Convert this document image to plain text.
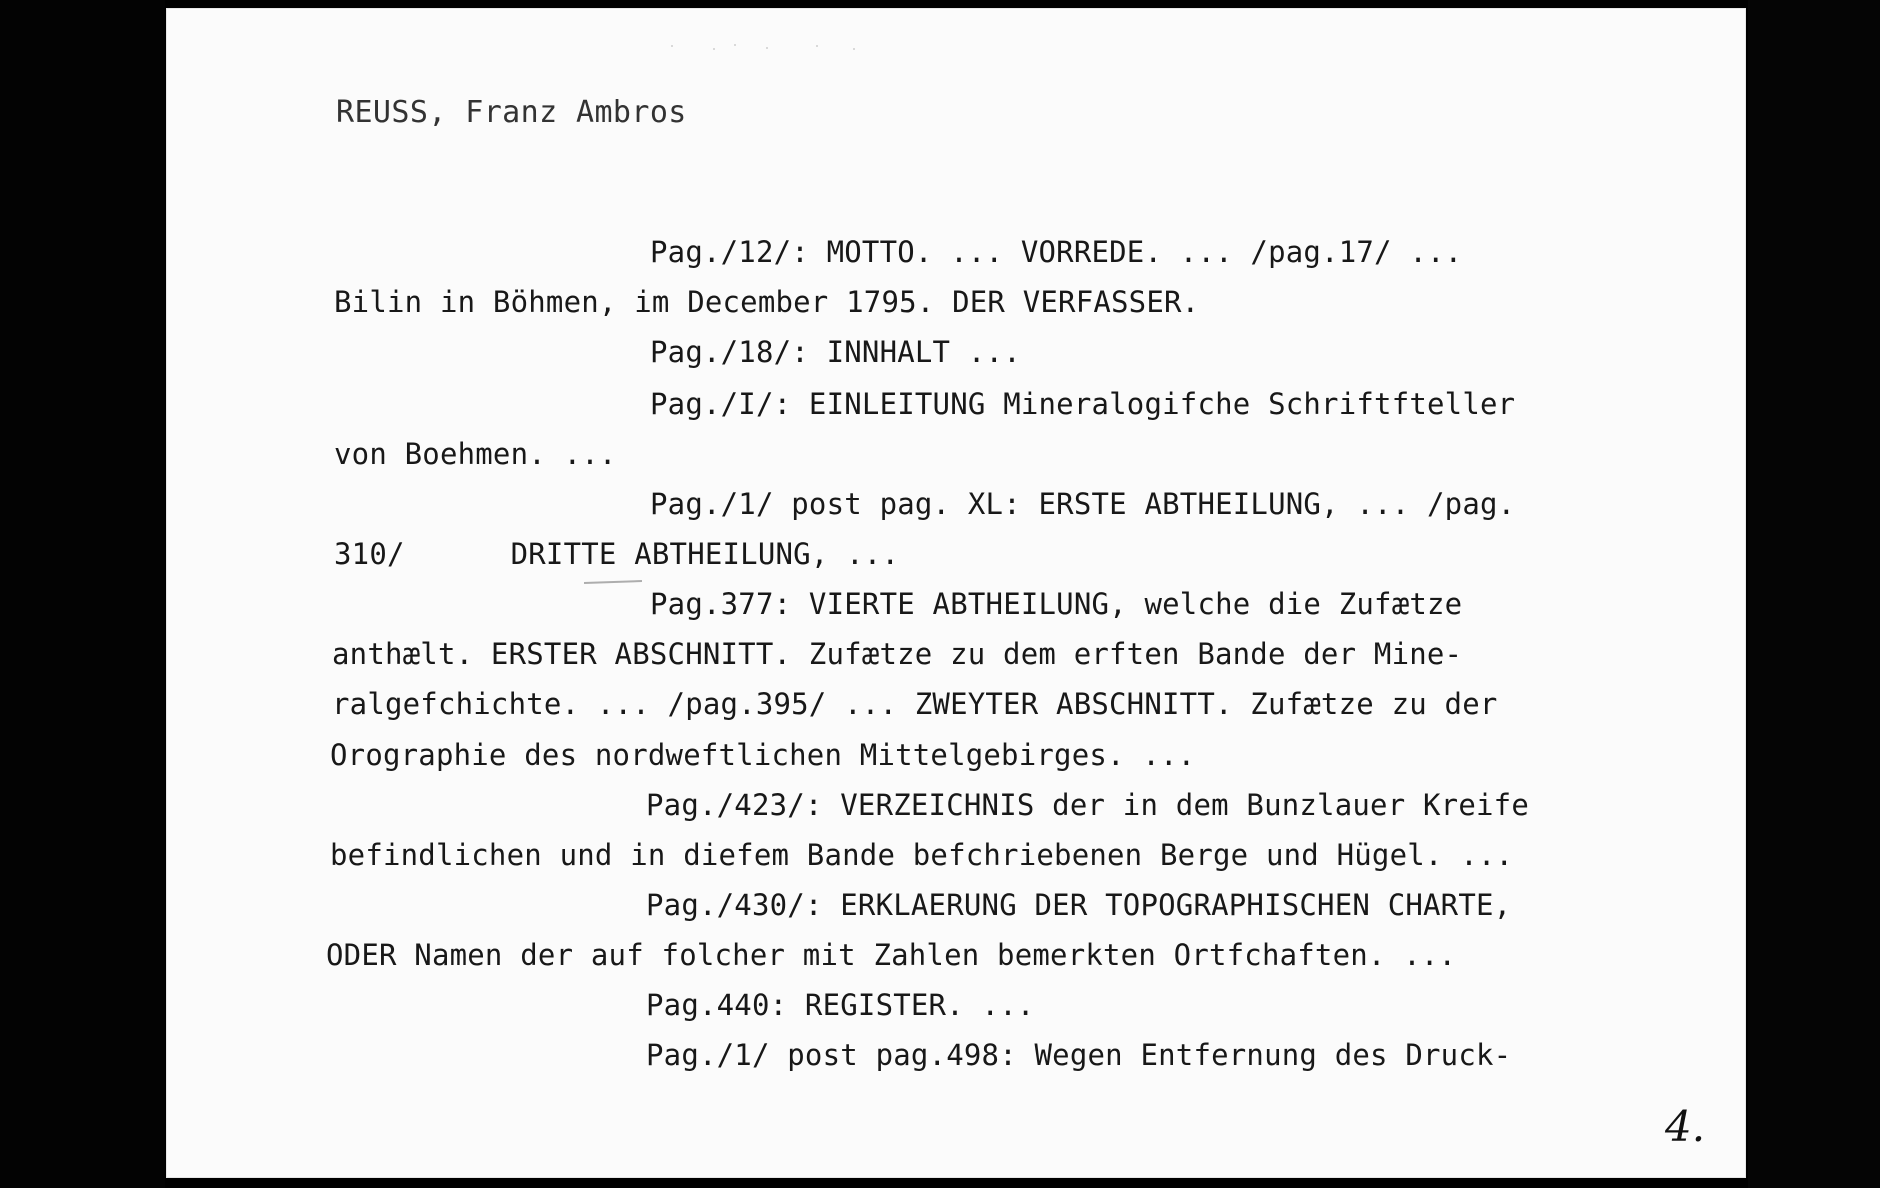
REUSS, Franz Ambros
Pag./12/: MOTTO. ... VORREDE. ... /pag.17/ ...
Bilin in Böhmen, im December 1795. DER VERFASSER.
Pag./18/: INNHALT ...
Pag./I/: EINLEITUNG Mineralogifche Schriftfteller
von Boehmen. ...
Pag./1/ post pag. XL: ERSTE ABTHEILUNG, ... /pag.
310/      DRITTE ABTHEILUNG, ...
Pag.377: VIERTE ABTHEILUNG, welche die Zufætze
anthælt. ERSTER ABSCHNITT. Zufætze zu dem erften Bande der Mine-
ralgefchichte. ... /pag.395/ ... ZWEYTER ABSCHNITT. Zufætze zu der
Orographie des nordweftlichen Mittelgebirges. ...
Pag./423/: VERZEICHNIS der in dem Bunzlauer Kreife
befindlichen und in diefem Bande befchriebenen Berge und Hügel. ...
Pag./430/: ERKLAERUNG DER TOPOGRAPHISCHEN CHARTE,
ODER Namen der auf folcher mit Zahlen bemerkten Ortfchaften. ...
Pag.440: REGISTER. ...
Pag./1/ post pag.498: Wegen Entfernung des Druck-
4.
